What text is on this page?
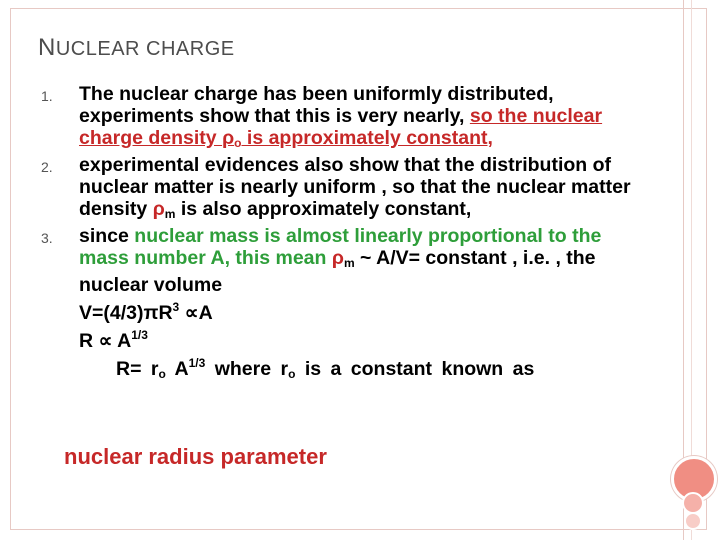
NUCLEAR CHARGE
1. The nuclear charge has been uniformly distributed, experiments show that this is very nearly, so the nuclear charge density $\rho_o$ is approximately constant,
2. experimental evidences also show that the distribution of nuclear matter is nearly uniform , so that the nuclear matter density $\rho_m$ is also approximately constant,
3. since nuclear mass is almost linearly proportional to the mass number A, this mean $\rho_m$ ~ A/V= constant , i.e. , the nuclear volume
$V=(4/3)\pi R^3 \propto A$
$R \propto A^{1/3}$
$R= r_o$ $A^{1/3}$ where $r_o$ is a constant known as
nuclear radius parameter
